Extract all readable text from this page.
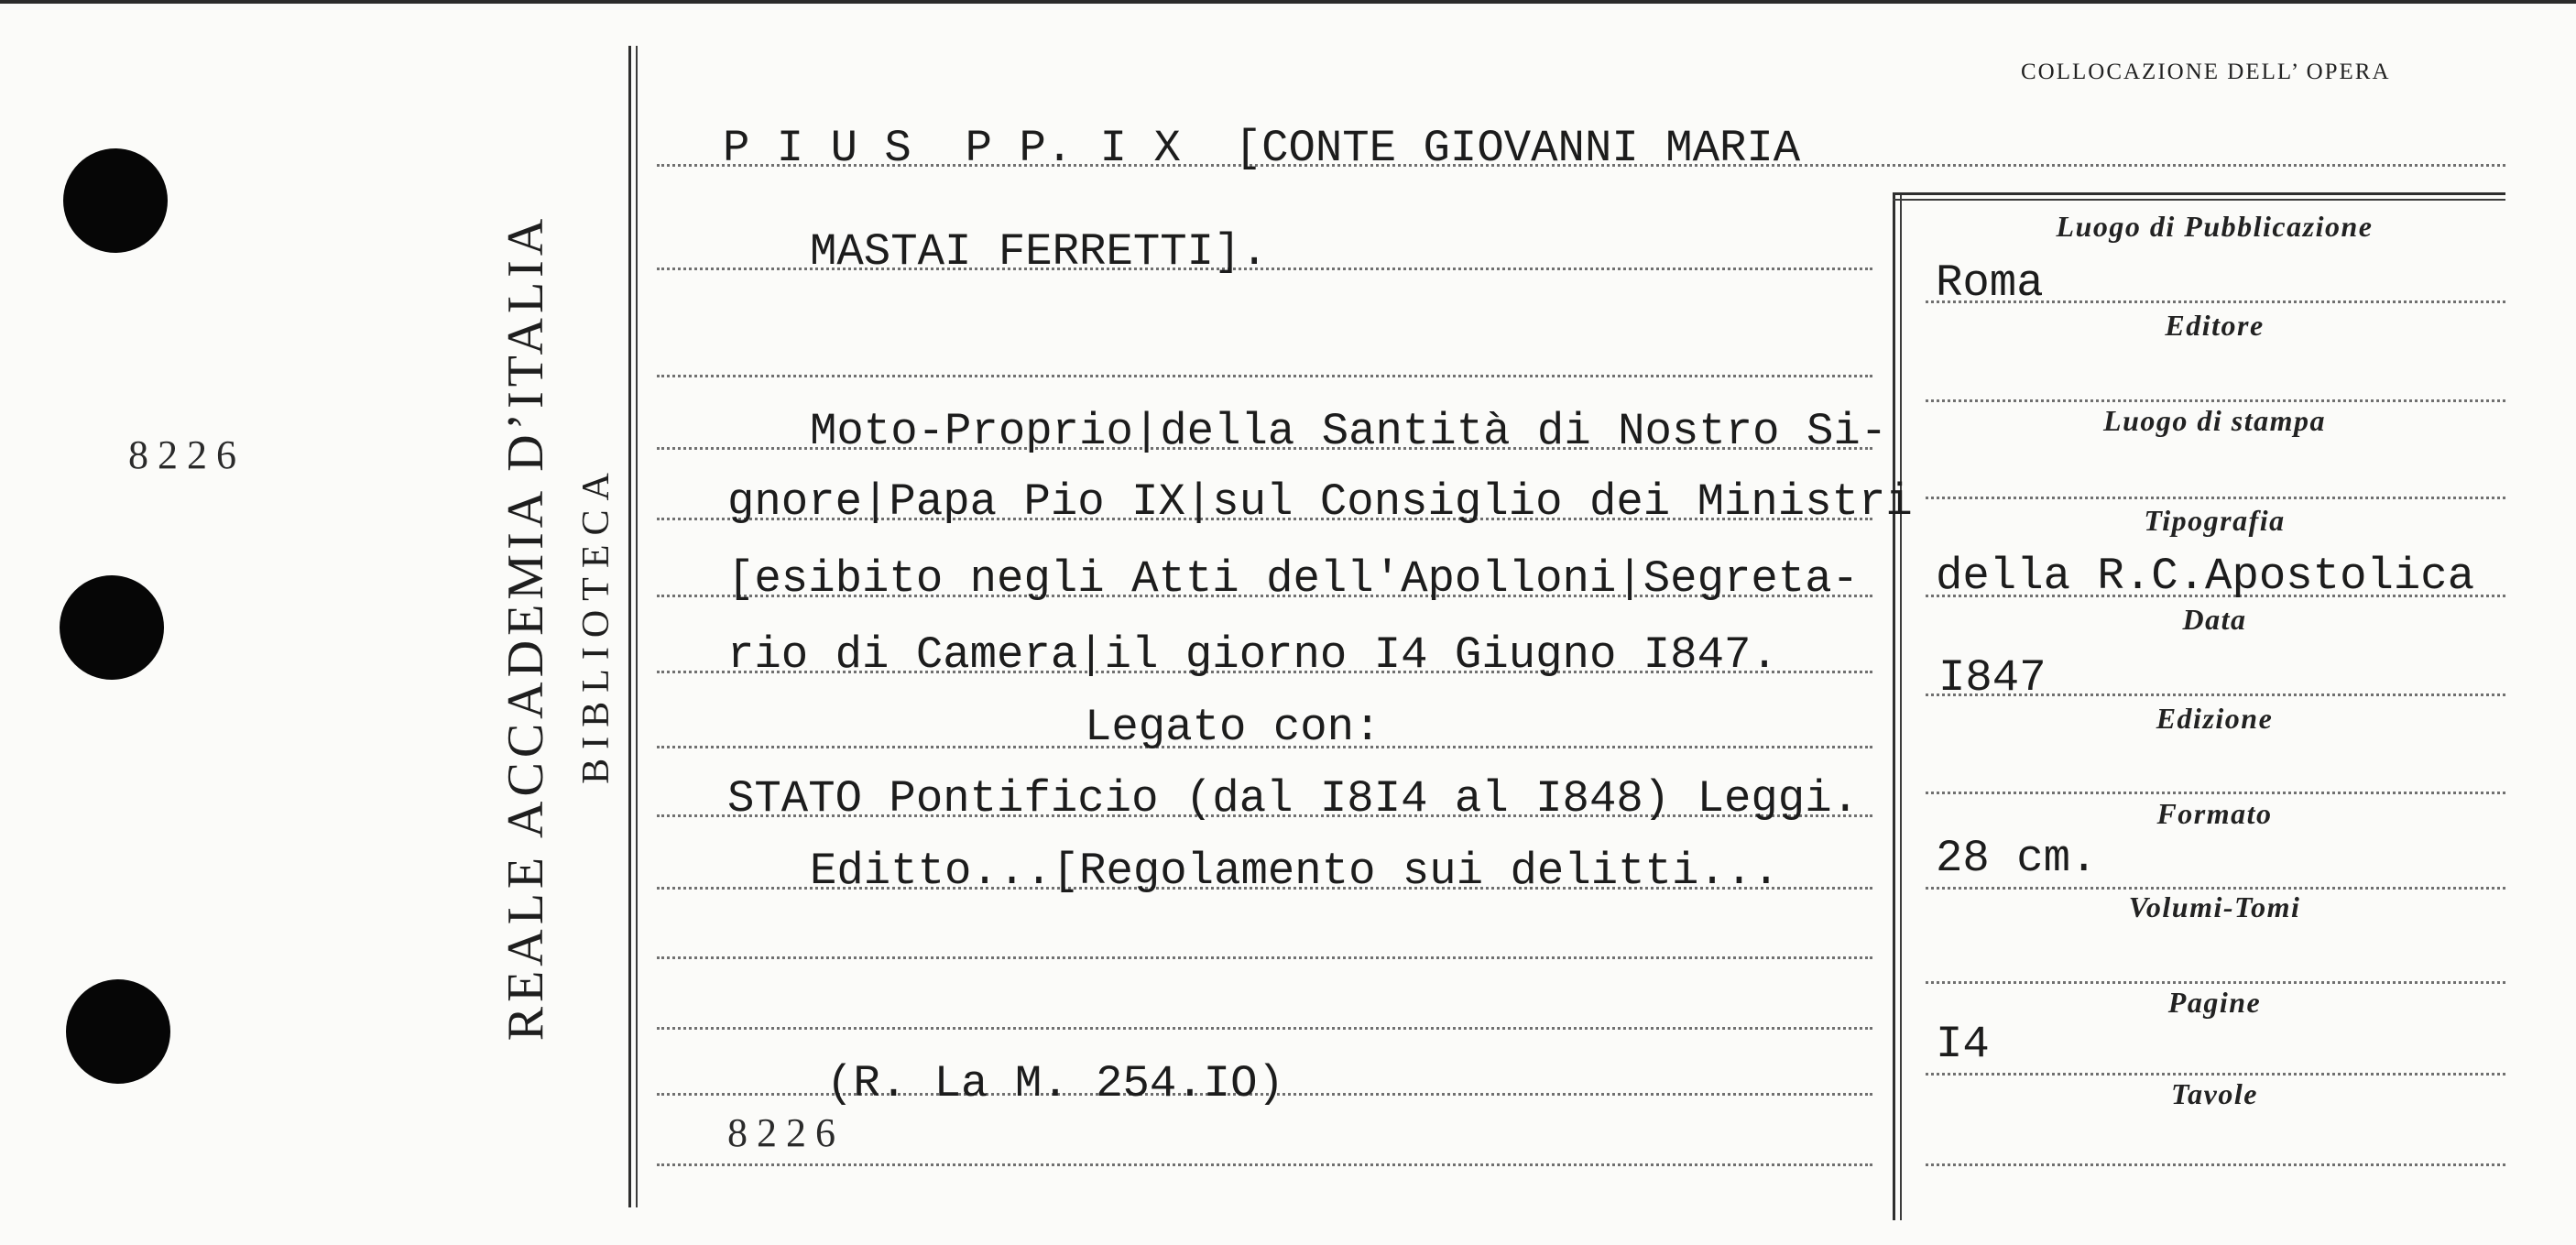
8226	REALE ACCADEMIA D’ITALIA BIBLIOTECA
COLLOCAZIONE DELL’ OPERA
P I U S  P P. I X  [CONTE GIOVANNI MARIA
MASTAI FERRETTI].
Moto-Proprio|della Santità di Nostro Si-
gnore|Papa Pio IX|sul Consiglio dei Ministri
[esibito negli Atti dell'Apolloni|Segreta-
rio di Camera|il giorno I4 Giugno I847.
Legato con:
STATO Pontificio (dal I8I4 al I848) Leggi.
Editto...[Regolamento sui delitti...
(R. La M. 254.IO)
8226
Luogo di Pubblicazione
Editore
Luogo di stampa
Tipografia
Data
Edizione
Formato
Volumi-Tomi
Pagine
Tavole
Roma
della R.C.Apostolica
I847
28 cm.
I4
